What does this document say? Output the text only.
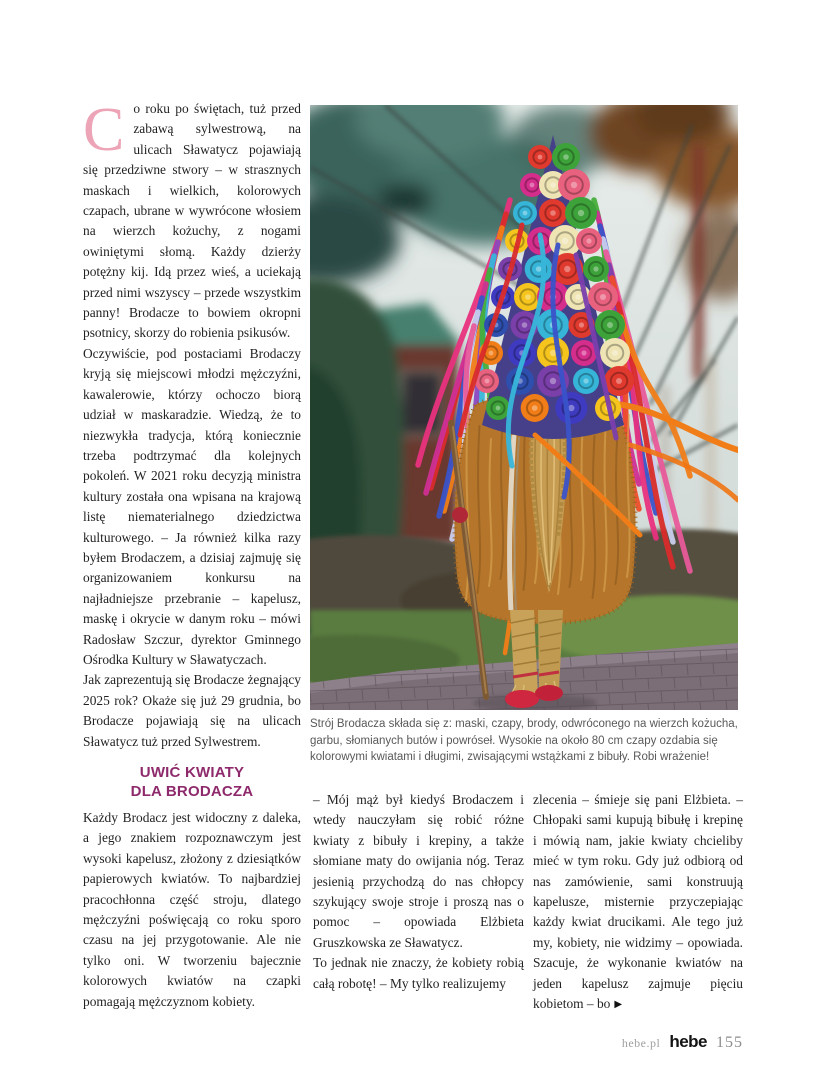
Co roku po świętach, tuż przed zabawą sylwestrową, na ulicach Sławatycz pojawiają się przedziwne stwory – w strasznych maskach i wielkich, kolorowych czapach, ubrane w wywrócone włosiem na wierzch kożuchy, z nogami owiniętymi słomą. Każdy dzierży potężny kij. Idą przez wieś, a uciekają przed nimi wszyscy – przede wszystkim panny! Brodacze to bowiem okropni psotnicy, skorzy do robienia psikusów.

Oczywiście, pod postaciami Brodaczy kryją się miejscowi młodzi mężczyźni, kawalerowie, którzy ochoczo biorą udział w maskaradzie. Wiedzą, że to niezwykła tradycja, którą koniecznie trzeba podtrzymać dla kolejnych pokoleń. W 2021 roku decyzją ministra kultury została ona wpisana na krajową listę niematerialnego dziedzictwa kulturowego. – Ja również kilka razy byłem Brodaczem, a dzisiaj zajmuję się organizowaniem konkursu na najładniejsze przebranie – kapelusz, maskę i okrycie w danym roku – mówi Radosław Szczur, dyrektor Gminnego Ośrodka Kultury w Sławatyczach.

Jak zaprezentują się Brodacze żegnający 2025 rok? Okaże się już 29 grudnia, bo Brodacze pojawiają się na ulicach Sławatycz tuż przed Sylwestrem.

UWIĆ KWIATY
DLA BRODACZA

Każdy Brodacz jest widoczny z daleka, a jego znakiem rozpoznawczym jest wysoki kapelusz, złożony z dziesiątków papierowych kwiatów. To najbardziej pracochłonna część stroju, dlatego mężczyźni poświęcają co roku sporo czasu na jej przygotowanie. Ale nie tylko oni. W tworzeniu bajecznie kolorowych kwiatów na czapki pomagają mężczyznom kobiety.

Strój Brodacza składa się z: maski, czapy, brody, odwróconego na wierzch kożucha, garbu, słomianych butów i powróseł. Wysokie na około 80 cm czapy ozdabia się kolorowymi kwiatami i długimi, zwisającymi wstążkami z bibuły. Robi wrażenie!

– Mój mąż był kiedyś Brodaczem i wtedy nauczyłam się robić różne kwiaty z bibuły i krepiny, a także słomiane maty do owijania nóg. Teraz jesienią przychodzą do nas chłopcy szykujący swoje stroje i proszą nas o pomoc – opowiada Elżbieta Gruszkowska ze Sławatycz.

To jednak nie znaczy, że kobiety robią całą robotę! – My tylko realizujemy

zlecenia – śmieje się pani Elżbieta. – Chłopaki sami kupują bibułę i krepinę i mówią nam, jakie kwiaty chcieliby mieć w tym roku. Gdy już odbiorą od nas zamówienie, sami konstruują kapelusze, misternie przyczepiając każdy kwiat drucikami. Ale tego już my, kobiety, nie widzimy – opowiada. Szacuje, że wykonanie kwiatów na jeden kapelusz zajmuje pięciu kobietom – bo ▶

hebe.pl hebe 155
